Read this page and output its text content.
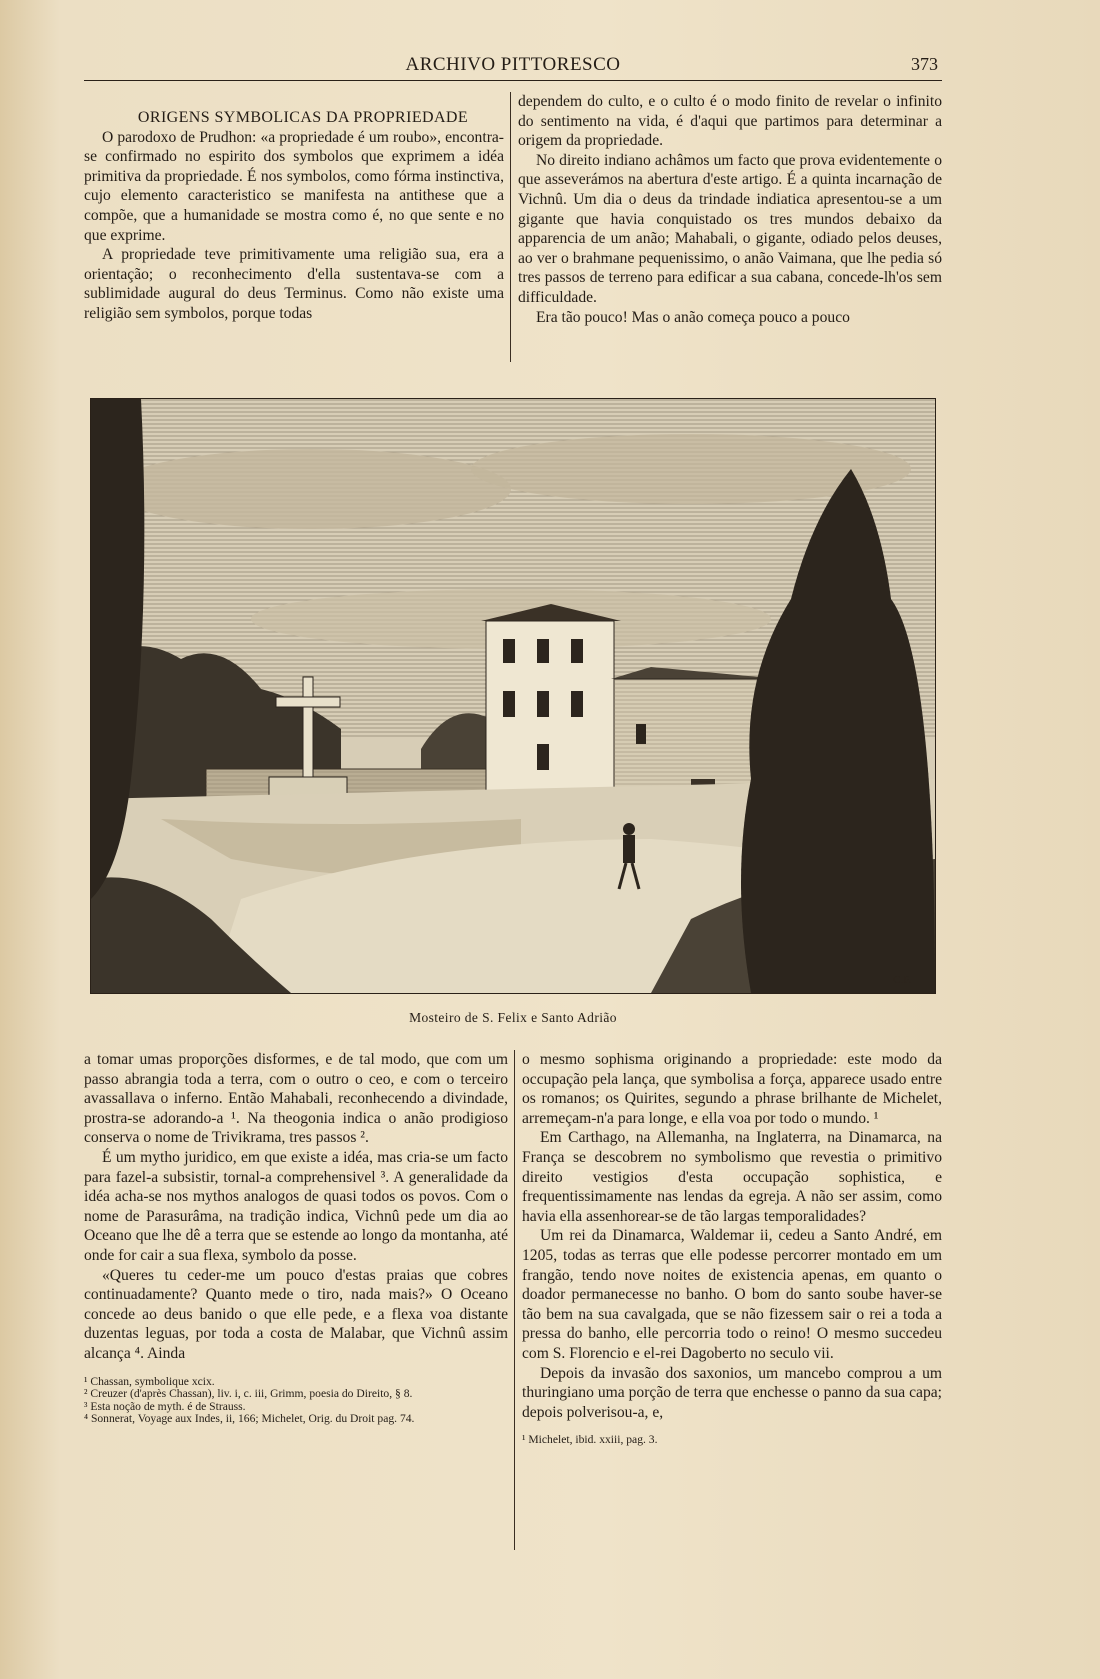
ARCHIVO PITTORESCO	373

ORIGENS SYMBOLICAS DA PROPRIEDADE

O parodoxo de Prudhon: «a propriedade é um roubo», encontra-se confirmado no espirito dos symbolos que exprimem a idéa primitiva da propriedade. É nos symbolos, como fórma instinctiva, cujo elemento caracteristico se manifesta na antithese que a compõe, que a humanidade se mostra como é, no que sente e no que exprime.

A propriedade teve primitivamente uma religião sua, era a orientação; o reconhecimento d'ella sustentava-se com a sublimidade augural do deus Terminus. Como não existe uma religião sem symbolos, porque todas

dependem do culto, e o culto é o modo finito de revelar o infinito do sentimento na vida, é d'aqui que partimos para determinar a origem da propriedade.

No direito indiano achâmos um facto que prova evidentemente o que asseverámos na abertura d'este artigo. É a quinta incarnação de Vichnû. Um dia o deus da trindade indiatica apresentou-se a um gigante que havia conquistado os tres mundos debaixo da apparencia de um anão; Mahabali, o gigante, odiado pelos deuses, ao ver o brahmane pequenissimo, o anão Vaimana, que lhe pedia só tres passos de terreno para edificar a sua cabana, concede-lh'os sem difficuldade.

Era tão pouco! Mas o anão começa pouco a pouco

C.P.
Mosteiro de S. Felix e Santo Adrião

a tomar umas proporções disformes, e de tal modo, que com um passo abrangia toda a terra, com o outro o ceo, e com o terceiro avassallava o inferno. Então Mahabali, reconhecendo a divindade, prostra-se adorando-a ¹. Na theogonia indica o anão prodigioso conserva o nome de Trivikrama, tres passos ².

É um mytho juridico, em que existe a idéa, mas cria-se um facto para fazel-a subsistir, tornal-a comprehensivel ³. A generalidade da idéa acha-se nos mythos analogos de quasi todos os povos. Com o nome de Parasurâma, na tradição indica, Vichnû pede um dia ao Oceano que lhe dê a terra que se estende ao longo da montanha, até onde for cair a sua flexa, symbolo da posse.

«Queres tu ceder-me um pouco d'estas praias que cobres continuadamente? Quanto mede o tiro, nada mais?» O Oceano concede ao deus banido o que elle pede, e a flexa voa distante duzentas leguas, por toda a costa de Malabar, que Vichnû assim alcança ⁴. Ainda

¹ Chassan, symbolique xcix.
² Creuzer (d'après Chassan), liv. i, c. iii, Grimm, poesia do Direito, § 8.
³ Esta noção de myth. é de Strauss.
⁴ Sonnerat, Voyage aux Indes, ii, 166; Michelet, Orig. du Droit pag. 74.

o mesmo sophisma originando a propriedade: este modo da occupação pela lança, que symbolisa a força, apparece usado entre os romanos; os Quirites, segundo a phrase brilhante de Michelet, arremeçam-n'a para longe, e ella voa por todo o mundo. ¹

Em Carthago, na Allemanha, na Inglaterra, na Dinamarca, na França se descobrem no symbolismo que revestia o primitivo direito vestigios d'esta occupação sophistica, e frequentissimamente nas lendas da egreja. A não ser assim, como havia ella assenhorear-se de tão largas temporalidades?

Um rei da Dinamarca, Waldemar ii, cedeu a Santo André, em 1205, todas as terras que elle podesse percorrer montado em um frangão, tendo nove noites de existencia apenas, em quanto o doador permanecesse no banho. O bom do santo soube haver-se tão bem na sua cavalgada, que se não fizessem sair o rei a toda a pressa do banho, elle percorria todo o reino! O mesmo succedeu com S. Florencio e el-rei Dagoberto no seculo vii.

Depois da invasão dos saxonios, um mancebo comprou a um thuringiano uma porção de terra que enchesse o panno da sua capa; depois polverisou-a, e,

¹ Michelet, ibid. xxiii, pag. 3.
